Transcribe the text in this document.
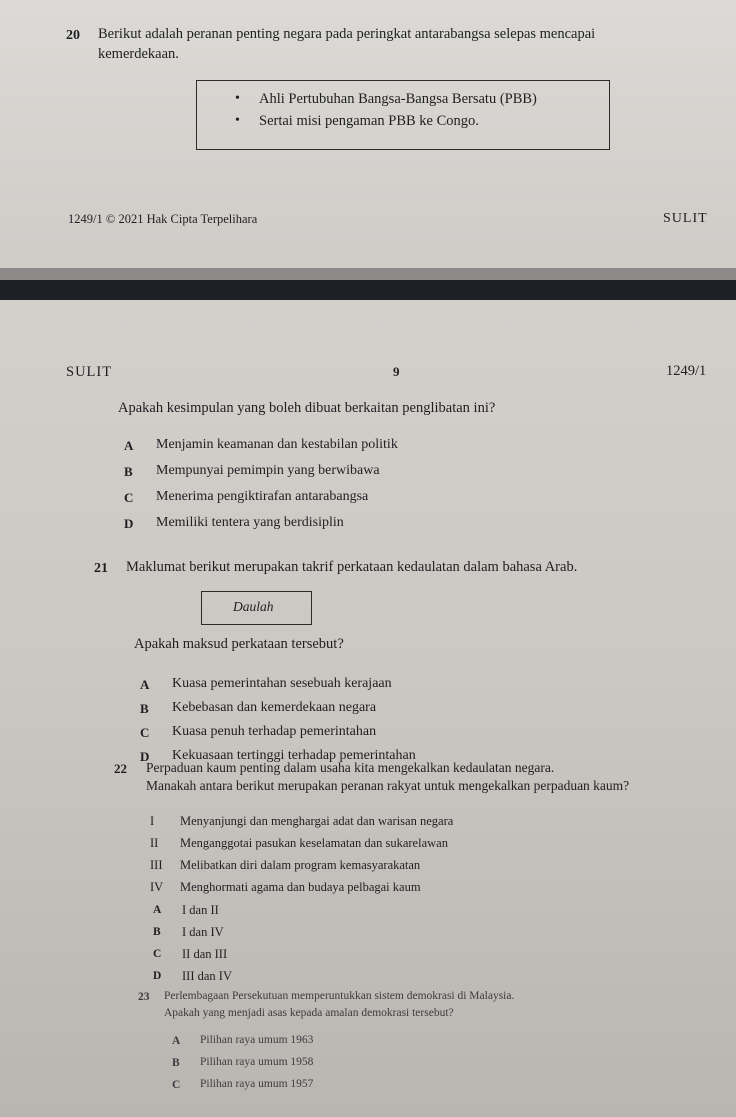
20 Berikut adalah peranan penting negara pada peringkat antarabangsa selepas mencapai
kemerdekaan.
• Ahli Pertubuhan Bangsa-Bangsa Bersatu (PBB)
• Sertai misi pengaman PBB ke Congo.
1249/1 © 2021 Hak Cipta Terpelihara	SULIT
SULIT	9	1249/1
Apakah kesimpulan yang boleh dibuat berkaitan penglibatan ini?
A Menjamin keamanan dan kestabilan politik
B Mempunyai pemimpin yang berwibawa
C Menerima pengiktirafan antarabangsa
D Memiliki tentera yang berdisiplin
21 Maklumat berikut merupakan takrif perkataan kedaulatan dalam bahasa Arab.
Daulah
Apakah maksud perkataan tersebut?
A Kuasa pemerintahan sesebuah kerajaan
B Kebebasan dan kemerdekaan negara
C Kuasa penuh terhadap pemerintahan
D Kekuasaan tertinggi terhadap pemerintahan
22 Perpaduan kaum penting dalam usaha kita mengekalkan kedaulatan negara.
Manakah antara berikut merupakan peranan rakyat untuk mengekalkan perpaduan kaum?
I Menyanjungi dan menghargai adat dan warisan negara
II Menganggotai pasukan keselamatan dan sukarelawan
III Melibatkan diri dalam program kemasyarakatan
IV Menghormati agama dan budaya pelbagai kaum
A I dan II
B I dan IV
C II dan III
D III dan IV
23 Perlembagaan Persekutuan memperuntukkan sistem demokrasi di Malaysia.
Apakah yang menjadi asas kepada amalan demokrasi tersebut?
A Pilihan raya umum 1963
B Pilihan raya umum 1958
C Pilihan raya umum 1957
